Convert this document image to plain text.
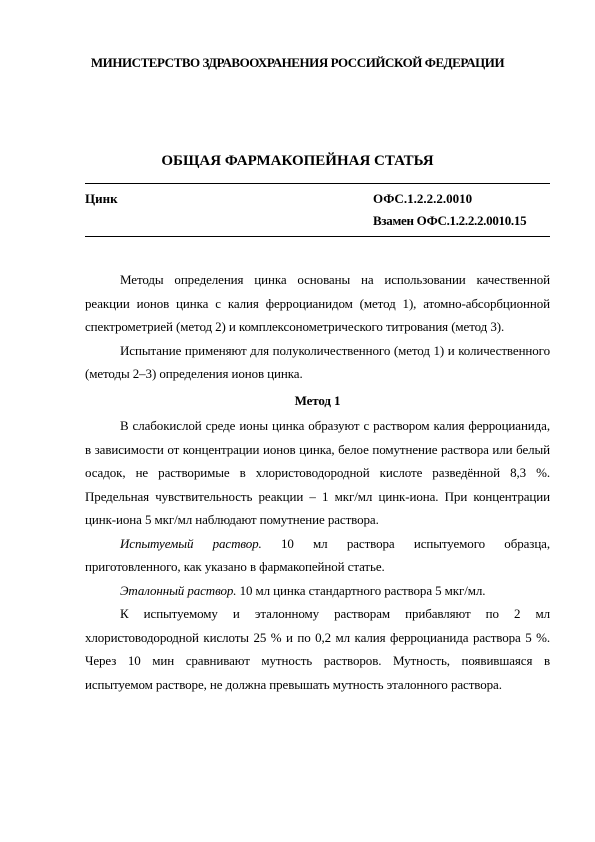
МИНИСТЕРСТВО ЗДРАВООХРАНЕНИЯ РОССИЙСКОЙ ФЕДЕРАЦИИ
ОБЩАЯ ФАРМАКОПЕЙНАЯ СТАТЬЯ
Цинк	ОФС.1.2.2.2.0010
Взамен ОФС.1.2.2.2.0010.15

Методы определения цинка основаны на использовании качественной реакции ионов цинка с калия ферроцианидом (метод 1), атомно-абсорбционной спектрометрией (метод 2) и комплексонометрического титрования (метод 3).

Испытание применяют для полуколичественного (метод 1) и количественного (методы 2–3) определения ионов цинка.

Метод 1

В слабокислой среде ионы цинка образуют с раствором калия ферроцианида, в зависимости от концентрации ионов цинка, белое помутнение раствора или белый осадок, не растворимые в хлористоводородной кислоте разведённой 8,3 %. Предельная чувствительность реакции – 1 мкг/мл цинк-иона. При концентрации цинк-иона 5 мкг/мл наблюдают помутнение раствора.

Испытуемый раствор. 10 мл раствора испытуемого образца, приготовленного, как указано в фармакопейной статье.

Эталонный раствор. 10 мл цинка стандартного раствора 5 мкг/мл.

К испытуемому и эталонному растворам прибавляют по 2 мл хлористоводородной кислоты 25 % и по 0,2 мл калия ферроцианида раствора 5 %. Через 10 мин сравнивают мутность растворов. Мутность, появившаяся в испытуемом растворе, не должна превышать мутность эталонного раствора.
